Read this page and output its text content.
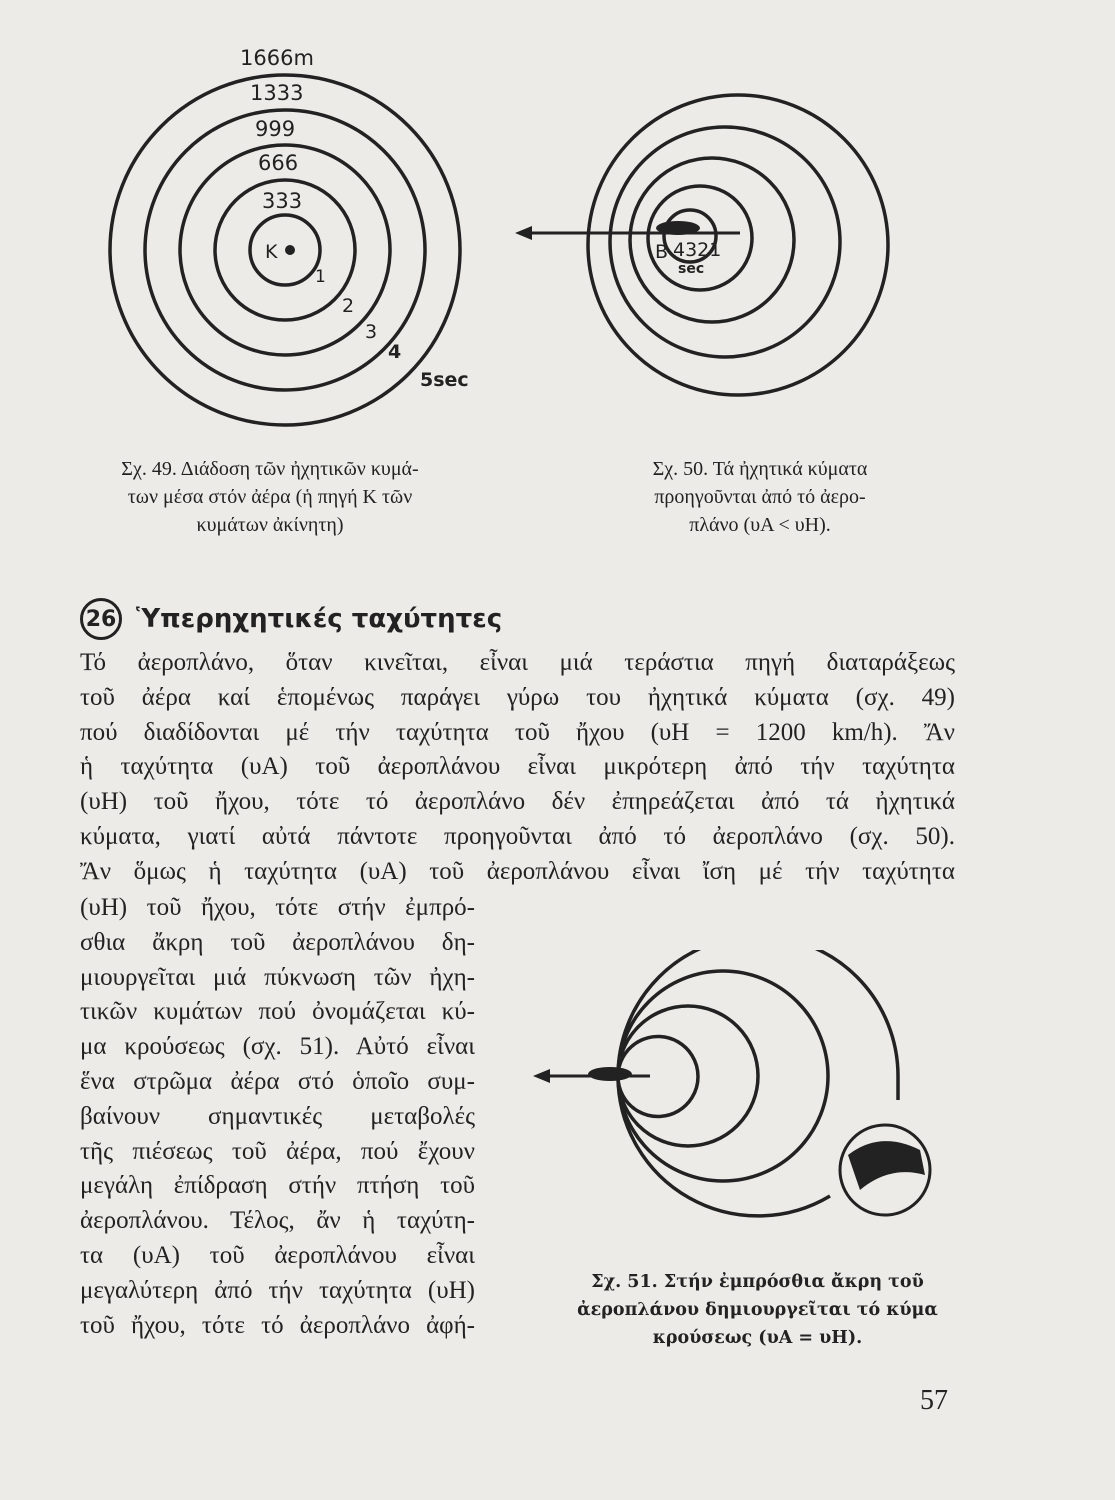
1666m
1333
999
666
333
K
1
2
3
4
5sec
B 4321
sec
Σχ. 49. Διάδοση τῶν ἠχητικῶν κυμά-
των μέσα στόν ἀέρα (ἡ πηγή K τῶν
κυμάτων ἀκίνητη)
Σχ. 50. Τά ἠχητικά κύματα
προηγοῦνται ἀπό τό ἀερο-
πλάνο (υA < υH).
Σχ. 51. Στήν ἐμπρόσθια ἄκρη τοῦ
ἀεροπλάνου δημιουργεῖται τό κύμα
κρούσεως (υA = υH).
26 Ὑπερηχητικές ταχύτητες
57
Τό ἀεροπλάνο, ὅταν κινεῖται, εἶναι μιά τεράστια πηγή διαταράξεως
τοῦ ἀέρα καί ἑπομένως παράγει γύρω του ἠχητικά κύματα (σχ. 49)
πού διαδίδονται μέ τήν ταχύτητα τοῦ ἤχου (υH = 1200 km/h). Ἄν
ἡ ταχύτητα (υA) τοῦ ἀεροπλάνου εἶναι μικρότερη ἀπό τήν ταχύτητα
(υH) τοῦ ἤχου, τότε τό ἀεροπλάνο δέν ἐπηρεάζεται ἀπό τά ἠχητικά
κύματα, γιατί αὐτά πάντοτε προηγοῦνται ἀπό τό ἀεροπλάνο (σχ. 50).
Ἄν ὅμως ἡ ταχύτητα (υA) τοῦ ἀεροπλάνου εἶναι ἴση μέ τήν ταχύτητα
(υH) τοῦ ἤχου, τότε στήν ἐμπρό-
σθια ἄκρη τοῦ ἀεροπλάνου δη-
μιουργεῖται μιά πύκνωση τῶν ἠχη-
τικῶν κυμάτων πού ὀνομάζεται κύ-
μα κρούσεως (σχ. 51). Αὐτό εἶναι
ἕνα στρῶμα ἀέρα στό ὁποῖο συμ-
βαίνουν σημαντικές μεταβολές
τῆς πιέσεως τοῦ ἀέρα, πού ἔχουν
μεγάλη ἐπίδραση στήν πτήση τοῦ
ἀεροπλάνου. Τέλος, ἄν ἡ ταχύτη-
τα (υA) τοῦ ἀεροπλάνου εἶναι
μεγαλύτερη ἀπό τήν ταχύτητα (υH)
τοῦ ἤχου, τότε τό ἀεροπλάνο ἀφή-
